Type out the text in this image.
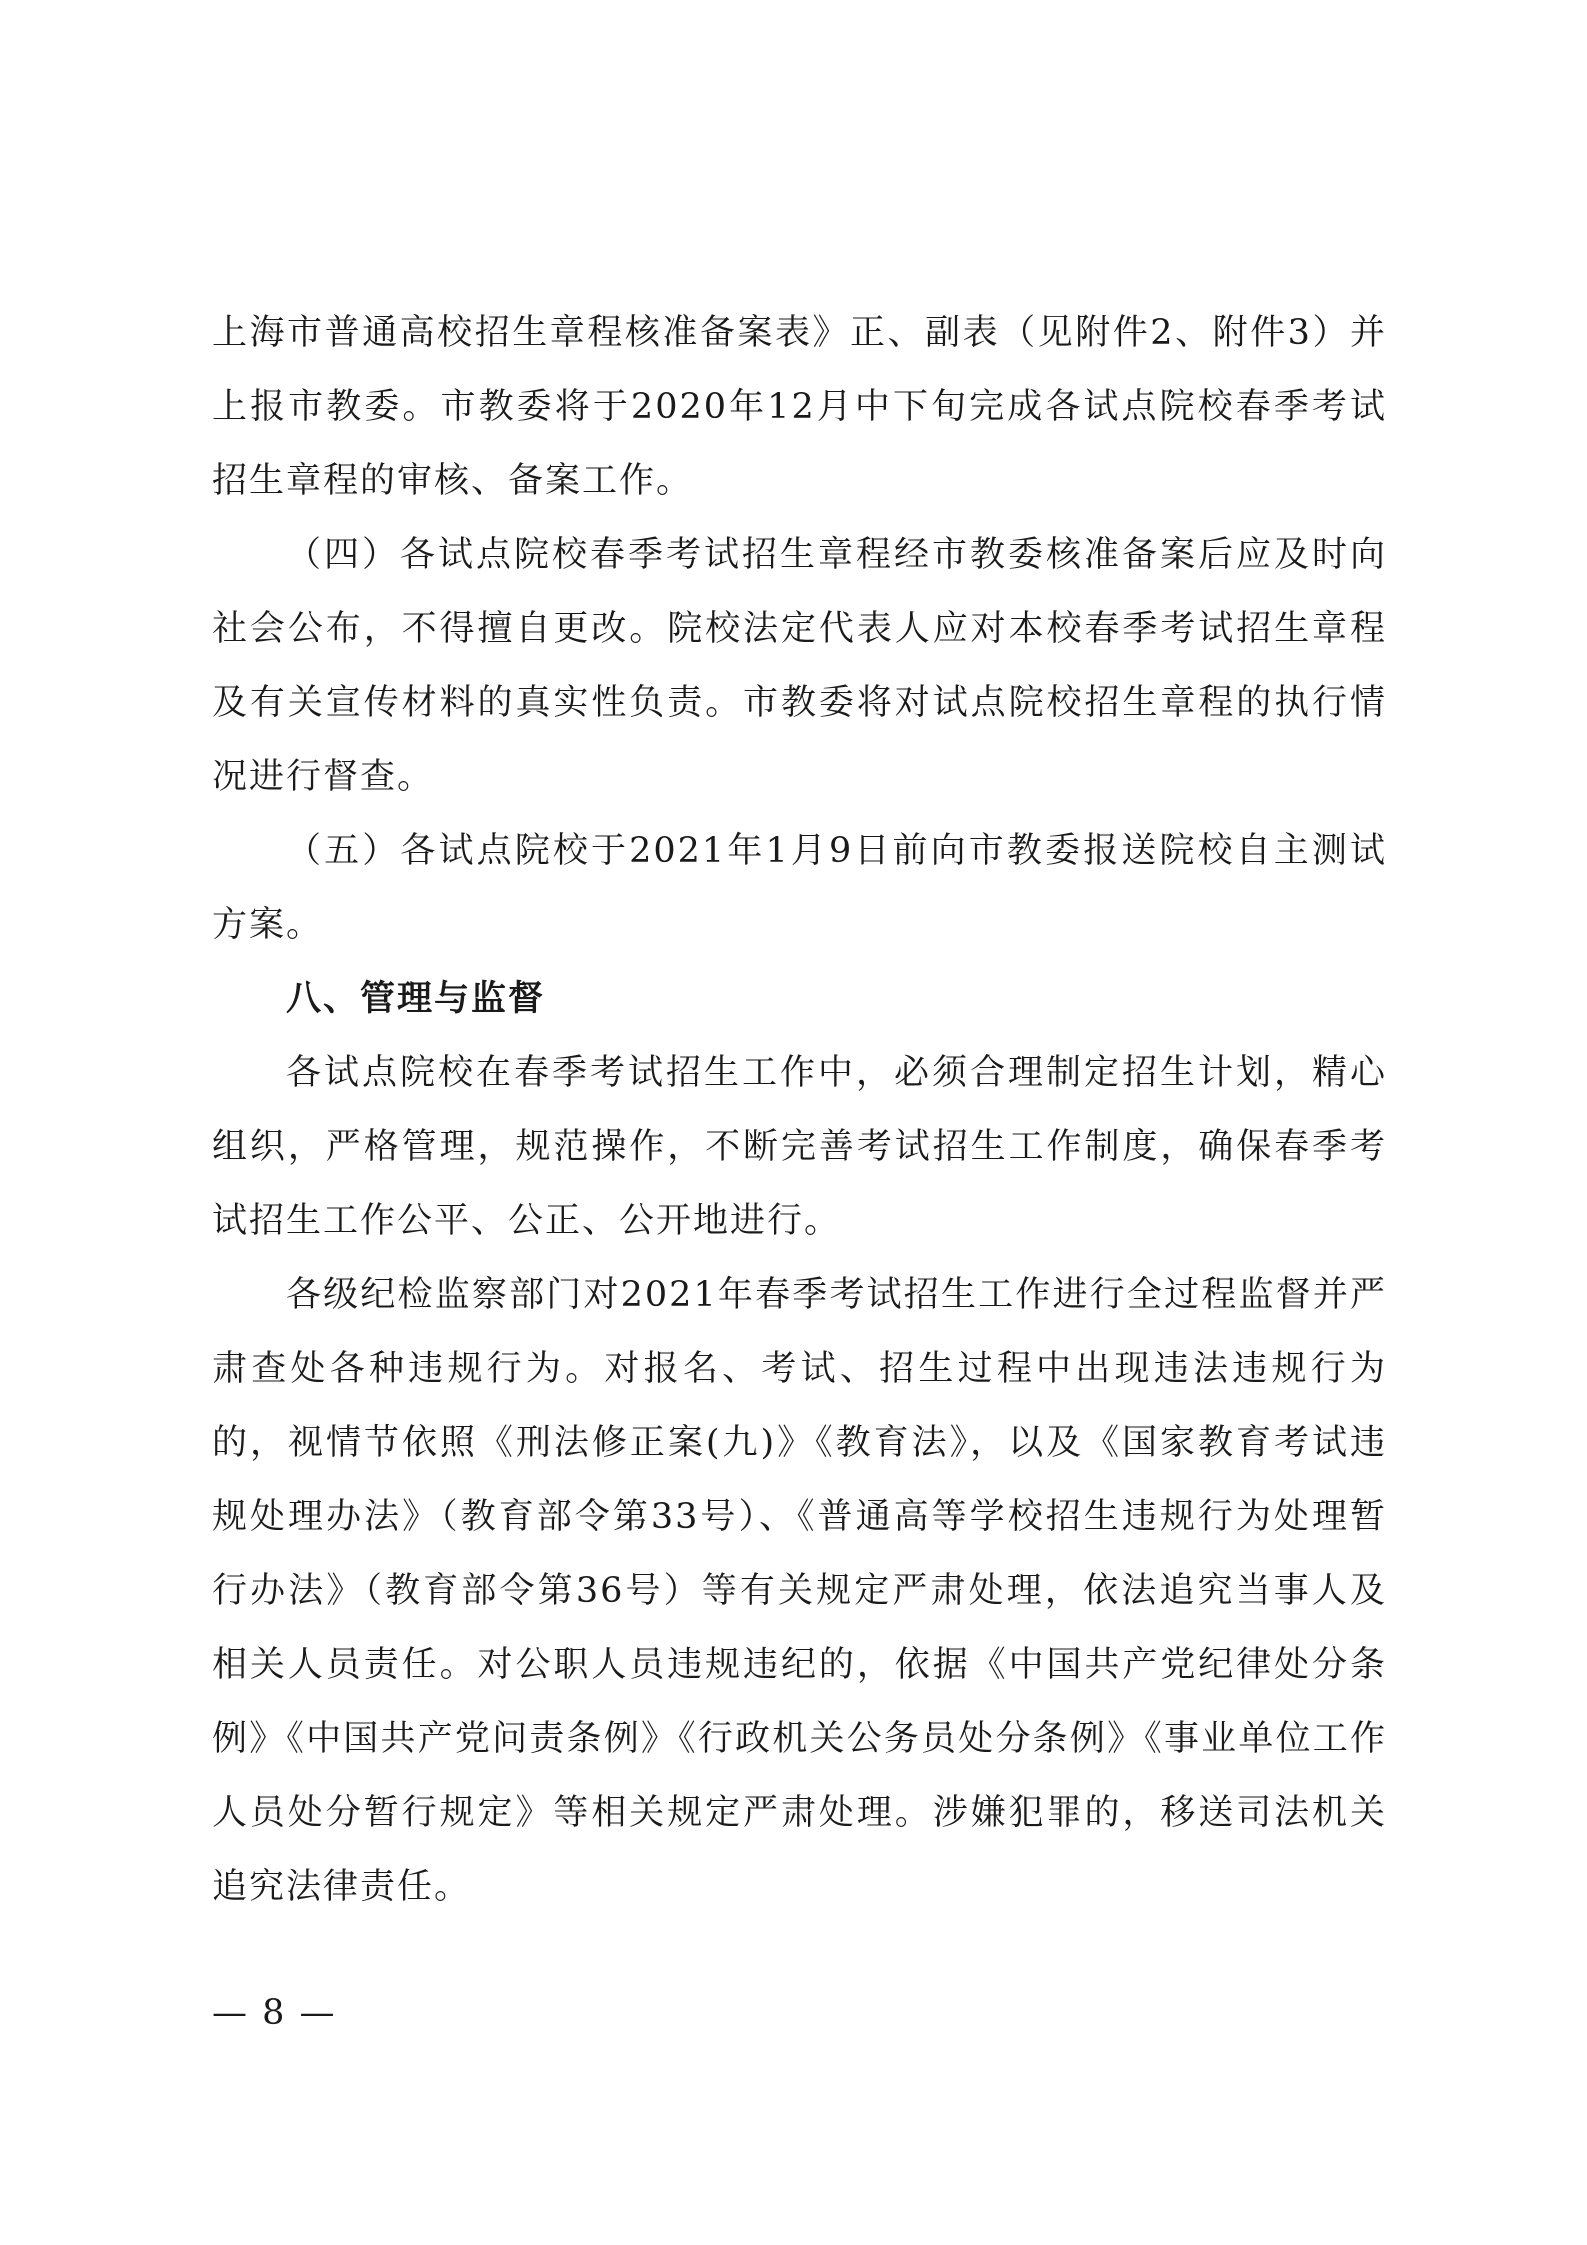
上海市普通高校招生章程核准备案表》正、副表（见附件2、附件3）并上报市教委。市教委将于2020年12月中下旬完成各试点院校春季考试招生章程的审核、备案工作。

（四）各试点院校春季考试招生章程经市教委核准备案后应及时向社会公布，不得擅自更改。院校法定代表人应对本校春季考试招生章程及有关宣传材料的真实性负责。市教委将对试点院校招生章程的执行情况进行督查。

（五）各试点院校于2021年1月9日前向市教委报送院校自主测试方案。

八、管理与监督

各试点院校在春季考试招生工作中，必须合理制定招生计划，精心组织，严格管理，规范操作，不断完善考试招生工作制度，确保春季考试招生工作公平、公正、公开地进行。

各级纪检监察部门对2021年春季考试招生工作进行全过程监督并严肃查处各种违规行为。对报名、考试、招生过程中出现违法违规行为的，视情节依照《刑法修正案(九)》《教育法》，以及《国家教育考试违规处理办法》（教育部令第33号）、《普通高等学校招生违规行为处理暂行办法》（教育部令第36号）等有关规定严肃处理，依法追究当事人及相关人员责任。对公职人员违规违纪的，依据《中国共产党纪律处分条例》《中国共产党问责条例》《行政机关公务员处分条例》《事业单位工作人员处分暂行规定》等相关规定严肃处理。涉嫌犯罪的，移送司法机关追究法律责任。

— 8 —
